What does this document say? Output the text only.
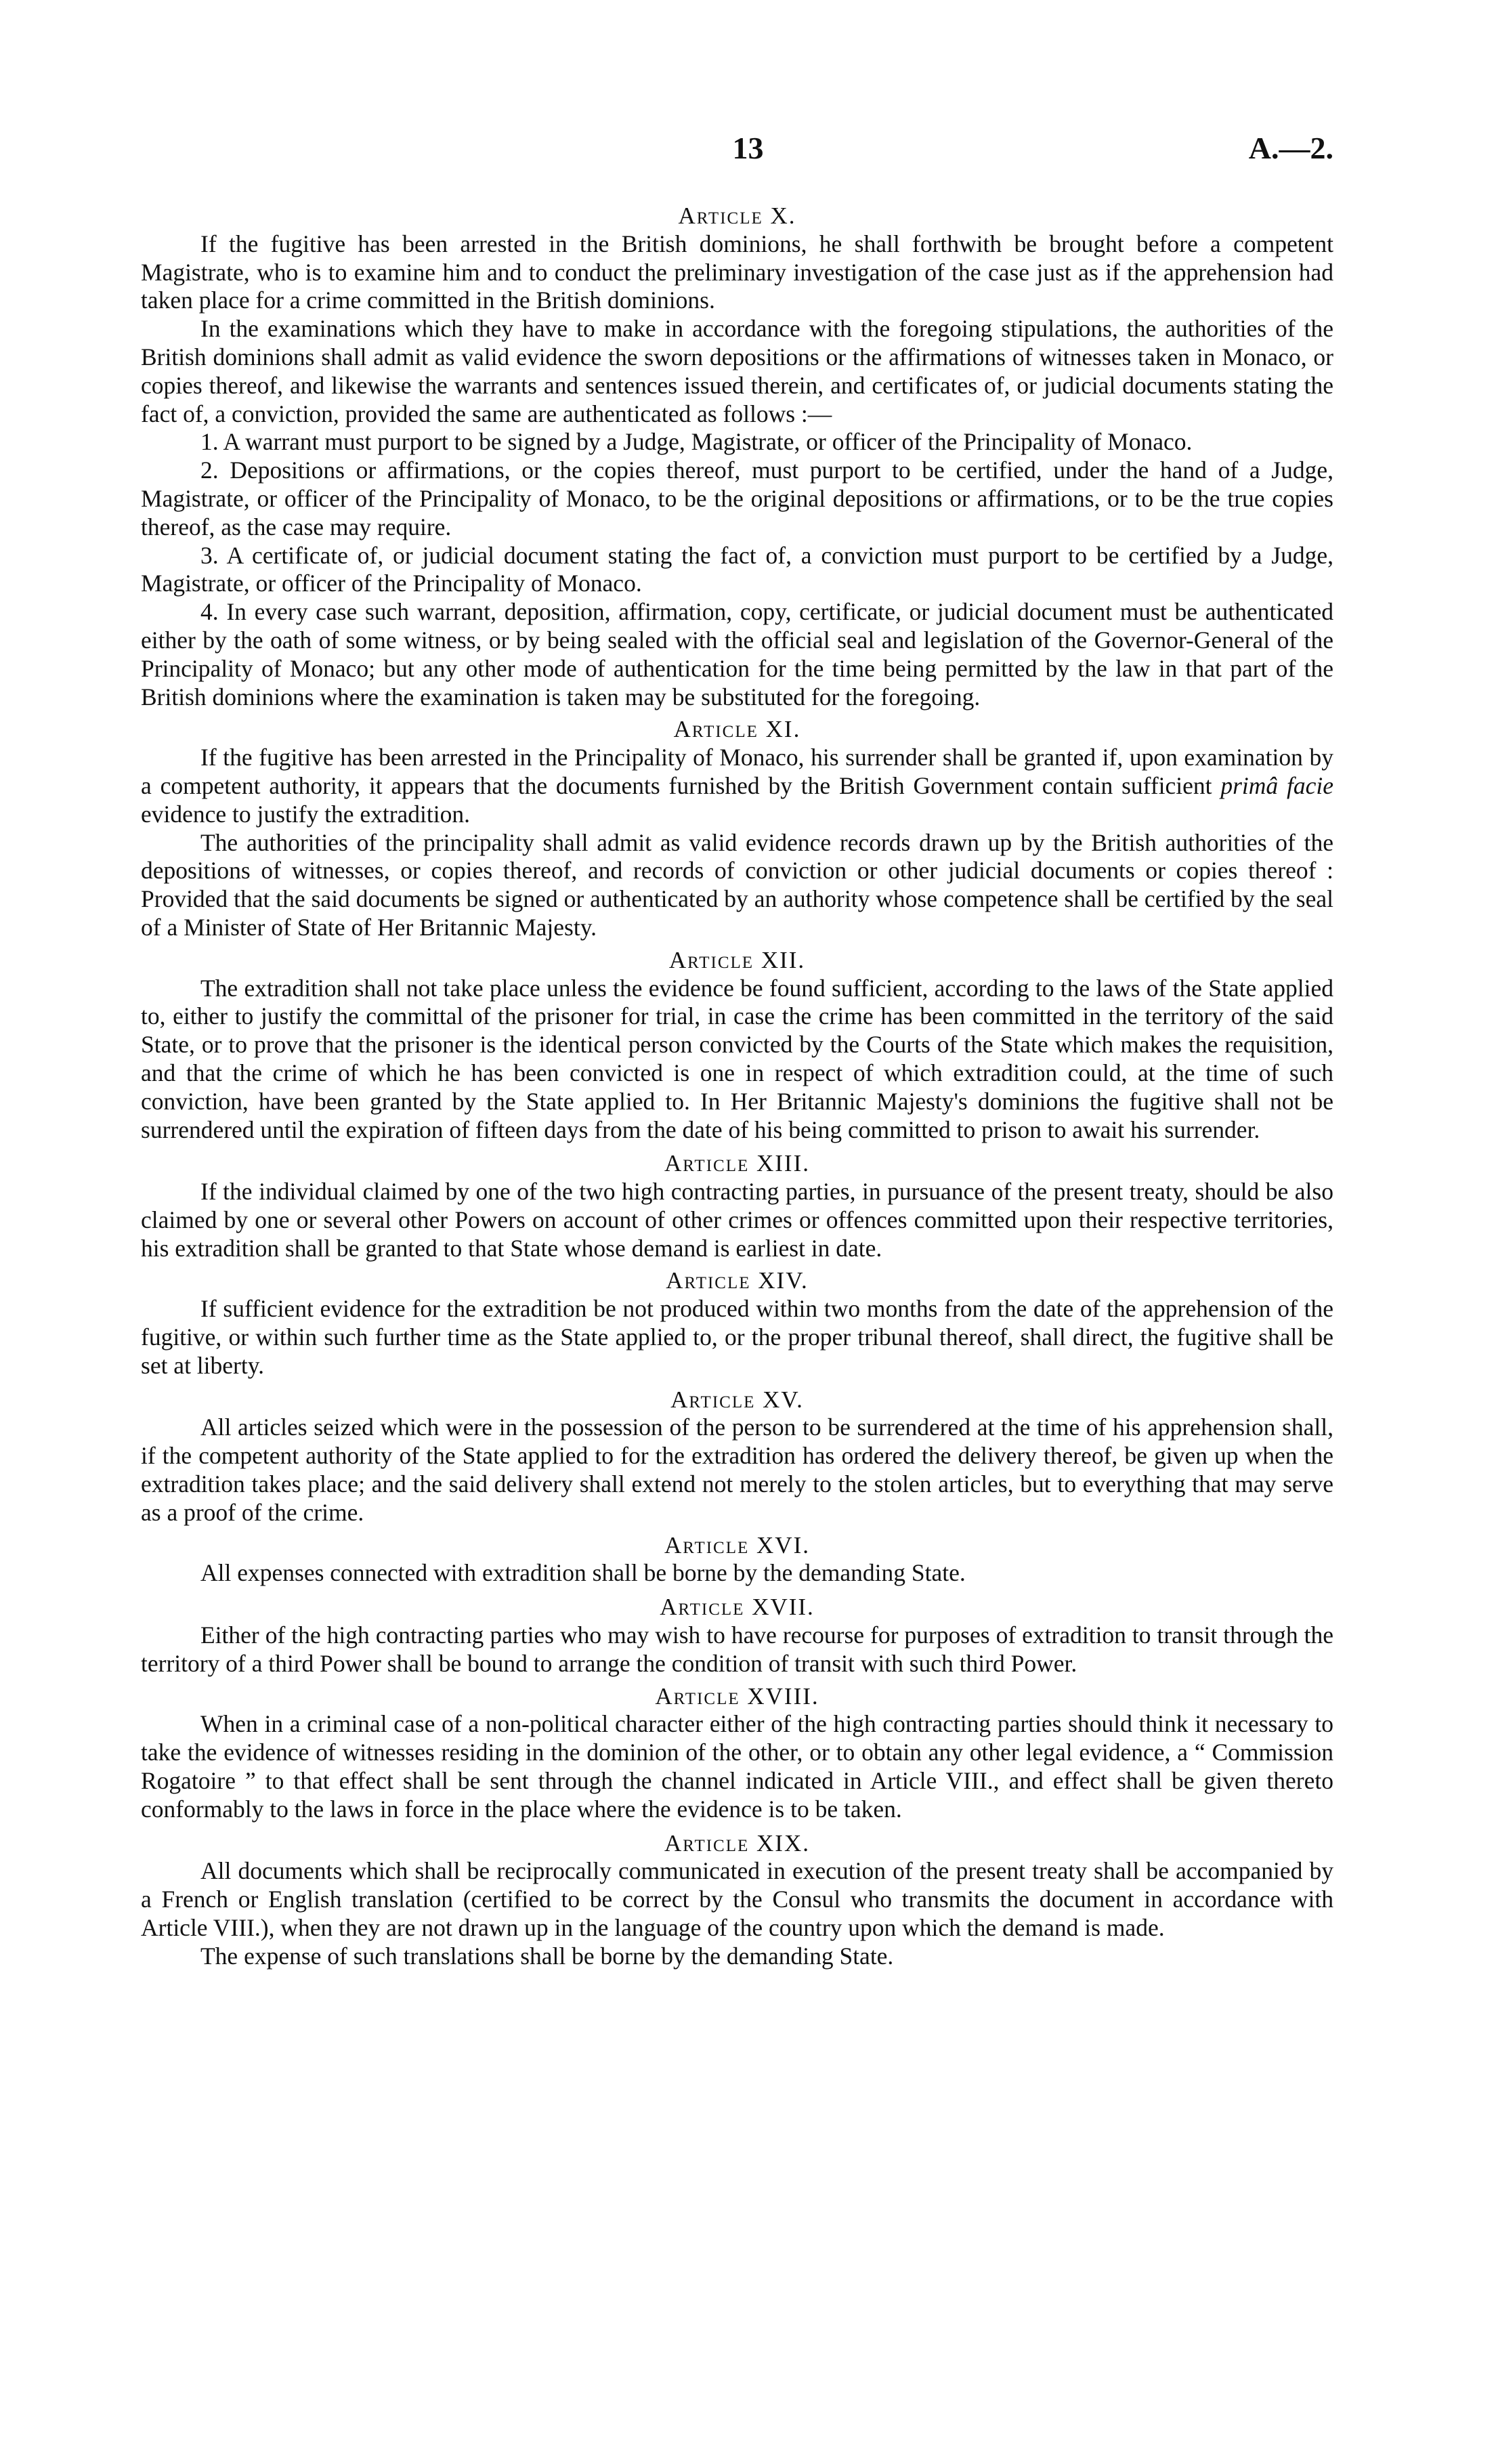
13	A.—2.
Article X.

If the fugitive has been arrested in the British dominions, he shall forthwith be brought before a competent Magistrate, who is to examine him and to conduct the preliminary investigation of the case just as if the apprehension had taken place for a crime committed in the British dominions.

In the examinations which they have to make in accordance with the foregoing stipulations, the authorities of the British dominions shall admit as valid evidence the sworn depositions or the affirmations of witnesses taken in Monaco, or copies thereof, and likewise the warrants and sentences issued therein, and certificates of, or judicial documents stating the fact of, a conviction, provided the same are authenticated as follows :—

1. A warrant must purport to be signed by a Judge, Magistrate, or officer of the Principality of Monaco.

2. Depositions or affirmations, or the copies thereof, must purport to be certified, under the hand of a Judge, Magistrate, or officer of the Principality of Monaco, to be the original depositions or affirmations, or to be the true copies thereof, as the case may require.

3. A certificate of, or judicial document stating the fact of, a conviction must purport to be certified by a Judge, Magistrate, or officer of the Principality of Monaco.

4. In every case such warrant, deposition, affirmation, copy, certificate, or judicial document must be authenticated either by the oath of some witness, or by being sealed with the official seal and legislation of the Governor-General of the Principality of Monaco; but any other mode of authentication for the time being permitted by the law in that part of the British dominions where the examination is taken may be substituted for the foregoing.

Article XI.

If the fugitive has been arrested in the Principality of Monaco, his surrender shall be granted if, upon examination by a competent authority, it appears that the documents furnished by the British Government contain sufficient primâ facie evidence to justify the extradition.

The authorities of the principality shall admit as valid evidence records drawn up by the British authorities of the depositions of witnesses, or copies thereof, and records of conviction or other judicial documents or copies thereof : Provided that the said documents be signed or authenticated by an authority whose competence shall be certified by the seal of a Minister of State of Her Britannic Majesty.

Article XII.

The extradition shall not take place unless the evidence be found sufficient, according to the laws of the State applied to, either to justify the committal of the prisoner for trial, in case the crime has been committed in the territory of the said State, or to prove that the prisoner is the identical person convicted by the Courts of the State which makes the requisition, and that the crime of which he has been convicted is one in respect of which extradition could, at the time of such conviction, have been granted by the State applied to. In Her Britannic Majesty's dominions the fugitive shall not be surrendered until the expiration of fifteen days from the date of his being committed to prison to await his surrender.

Article XIII.

If the individual claimed by one of the two high contracting parties, in pursuance of the present treaty, should be also claimed by one or several other Powers on account of other crimes or offences committed upon their respective territories, his extradition shall be granted to that State whose demand is earliest in date.

Article XIV.

If sufficient evidence for the extradition be not produced within two months from the date of the apprehension of the fugitive, or within such further time as the State applied to, or the proper tribunal thereof, shall direct, the fugitive shall be set at liberty.

Article XV.

All articles seized which were in the possession of the person to be surrendered at the time of his apprehension shall, if the competent authority of the State applied to for the extradition has ordered the delivery thereof, be given up when the extradition takes place; and the said delivery shall extend not merely to the stolen articles, but to everything that may serve as a proof of the crime.

Article XVI.

All expenses connected with extradition shall be borne by the demanding State.

Article XVII.

Either of the high contracting parties who may wish to have recourse for purposes of extradition to transit through the territory of a third Power shall be bound to arrange the condition of transit with such third Power.

Article XVIII.

When in a criminal case of a non-political character either of the high contracting parties should think it necessary to take the evidence of witnesses residing in the dominion of the other, or to obtain any other legal evidence, a “ Commission Rogatoire ” to that effect shall be sent through the channel indicated in Article VIII., and effect shall be given thereto conformably to the laws in force in the place where the evidence is to be taken.

Article XIX.

All documents which shall be reciprocally communicated in execution of the present treaty shall be accompanied by a French or English translation (certified to be correct by the Consul who transmits the document in accordance with Article VIII.), when they are not drawn up in the language of the country upon which the demand is made.

The expense of such translations shall be borne by the demanding State.
